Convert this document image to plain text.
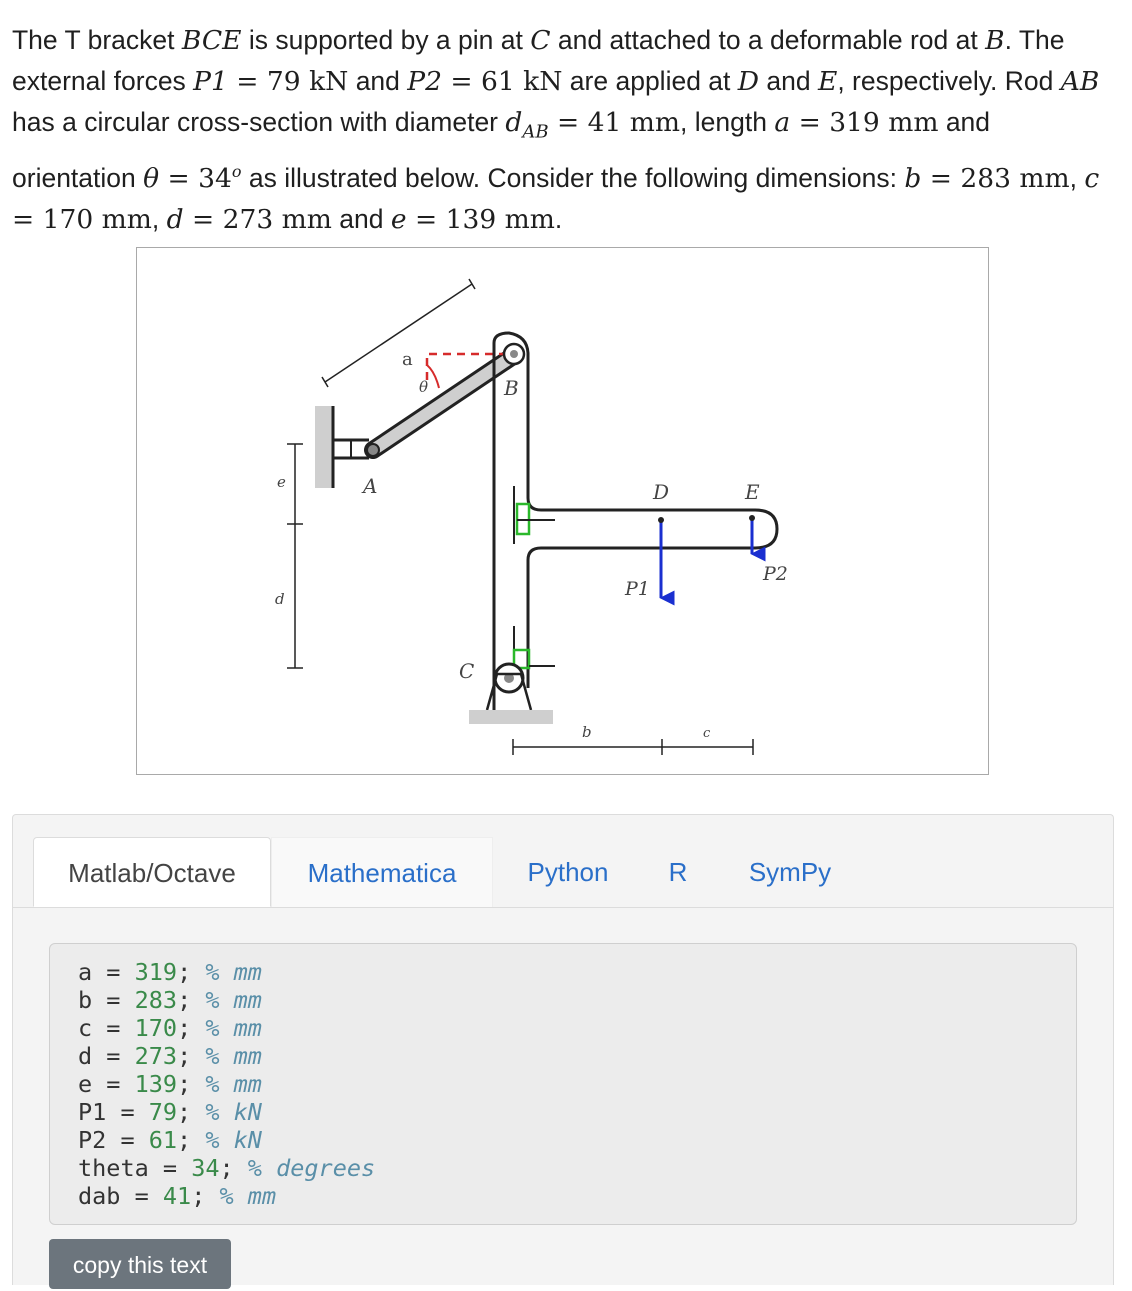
The T bracket BCE is supported by a pin at C and attached to a deformable rod at B. The external forces P1 = 79 kN and P2 = 61 kN are applied at D and E, respectively. Rod AB has a circular cross-section with diameter $d_{AB} = 41$ mm, length a = 319 mm and orientation $\theta = 34^o$ as illustrated below. Consider the following dimensions: b = 283 mm, c = 170 mm, d = 273 mm and e = 139 mm.
a
θ	B
A
C
D	E
P1
P2
e
d
b	c
Matlab/Octave	Mathematica	Python	R	SymPy
a = 319; % mm
b = 283; % mm
c = 170; % mm
d = 273; % mm
e = 139; % mm
P1 = 79; % kN
P2 = 61; % kN
theta = 34; % degrees
dab = 41; % mm
copy this text
